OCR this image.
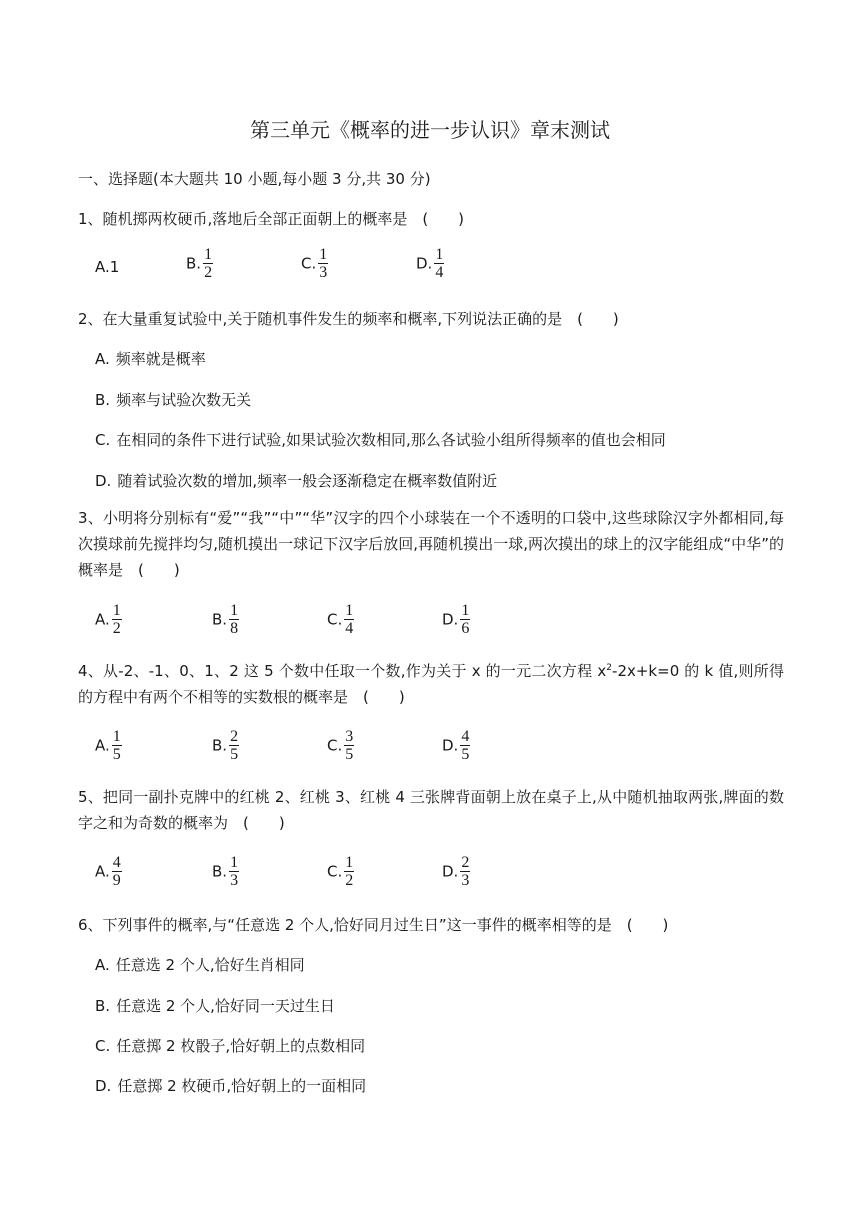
第三单元《概率的进一步认识》章末测试
一、选择题(本大题共 10 小题,每小题 3 分,共 30 分)
1、随机掷两枚硬币,落地后全部正面朝上的概率是　(　　)
A.1	B. $\frac{1}{2}$	C. $\frac{1}{3}$	D. $\frac{1}{4}$
2、在大量重复试验中,关于随机事件发生的频率和概率,下列说法正确的是　(　　)
A. 频率就是概率
B. 频率与试验次数无关
C. 在相同的条件下进行试验,如果试验次数相同,那么各试验小组所得频率的值也会相同
D. 随着试验次数的增加,频率一般会逐渐稳定在概率数值附近
3、小明将分别标有“爱”“我”“中”“华”汉字的四个小球装在一个不透明的口袋中,这些球除汉字外都相同,每次摸球前先搅拌均匀,随机摸出一球记下汉字后放回,再随机摸出一球,两次摸出的球上的汉字能组成“中华”的概率是　(　　)
A. $\frac{1}{2}$	B. $\frac{1}{8}$	C. $\frac{1}{4}$	D. $\frac{1}{6}$
4、从-2、-1、0、1、2 这 5 个数中任取一个数,作为关于 x 的一元二次方程 $x^2-2x+k=0$ 的 k 值,则所得的方程中有两个不相等的实数根的概率是　(　　)
A. $\frac{1}{5}$	B. $\frac{2}{5}$	C. $\frac{3}{5}$	D. $\frac{4}{5}$
5、把同一副扑克牌中的红桃 2、红桃 3、红桃 4 三张牌背面朝上放在桌子上,从中随机抽取两张,牌面的数字之和为奇数的概率为　(　　)
A. $\frac{4}{9}$	B. $\frac{1}{3}$	C. $\frac{1}{2}$	D. $\frac{2}{3}$
6、下列事件的概率,与“任意选 2 个人,恰好同月过生日”这一事件的概率相等的是　(　　)
A. 任意选 2 个人,恰好生肖相同
B. 任意选 2 个人,恰好同一天过生日
C. 任意掷 2 枚骰子,恰好朝上的点数相同
D. 任意掷 2 枚硬币,恰好朝上的一面相同
